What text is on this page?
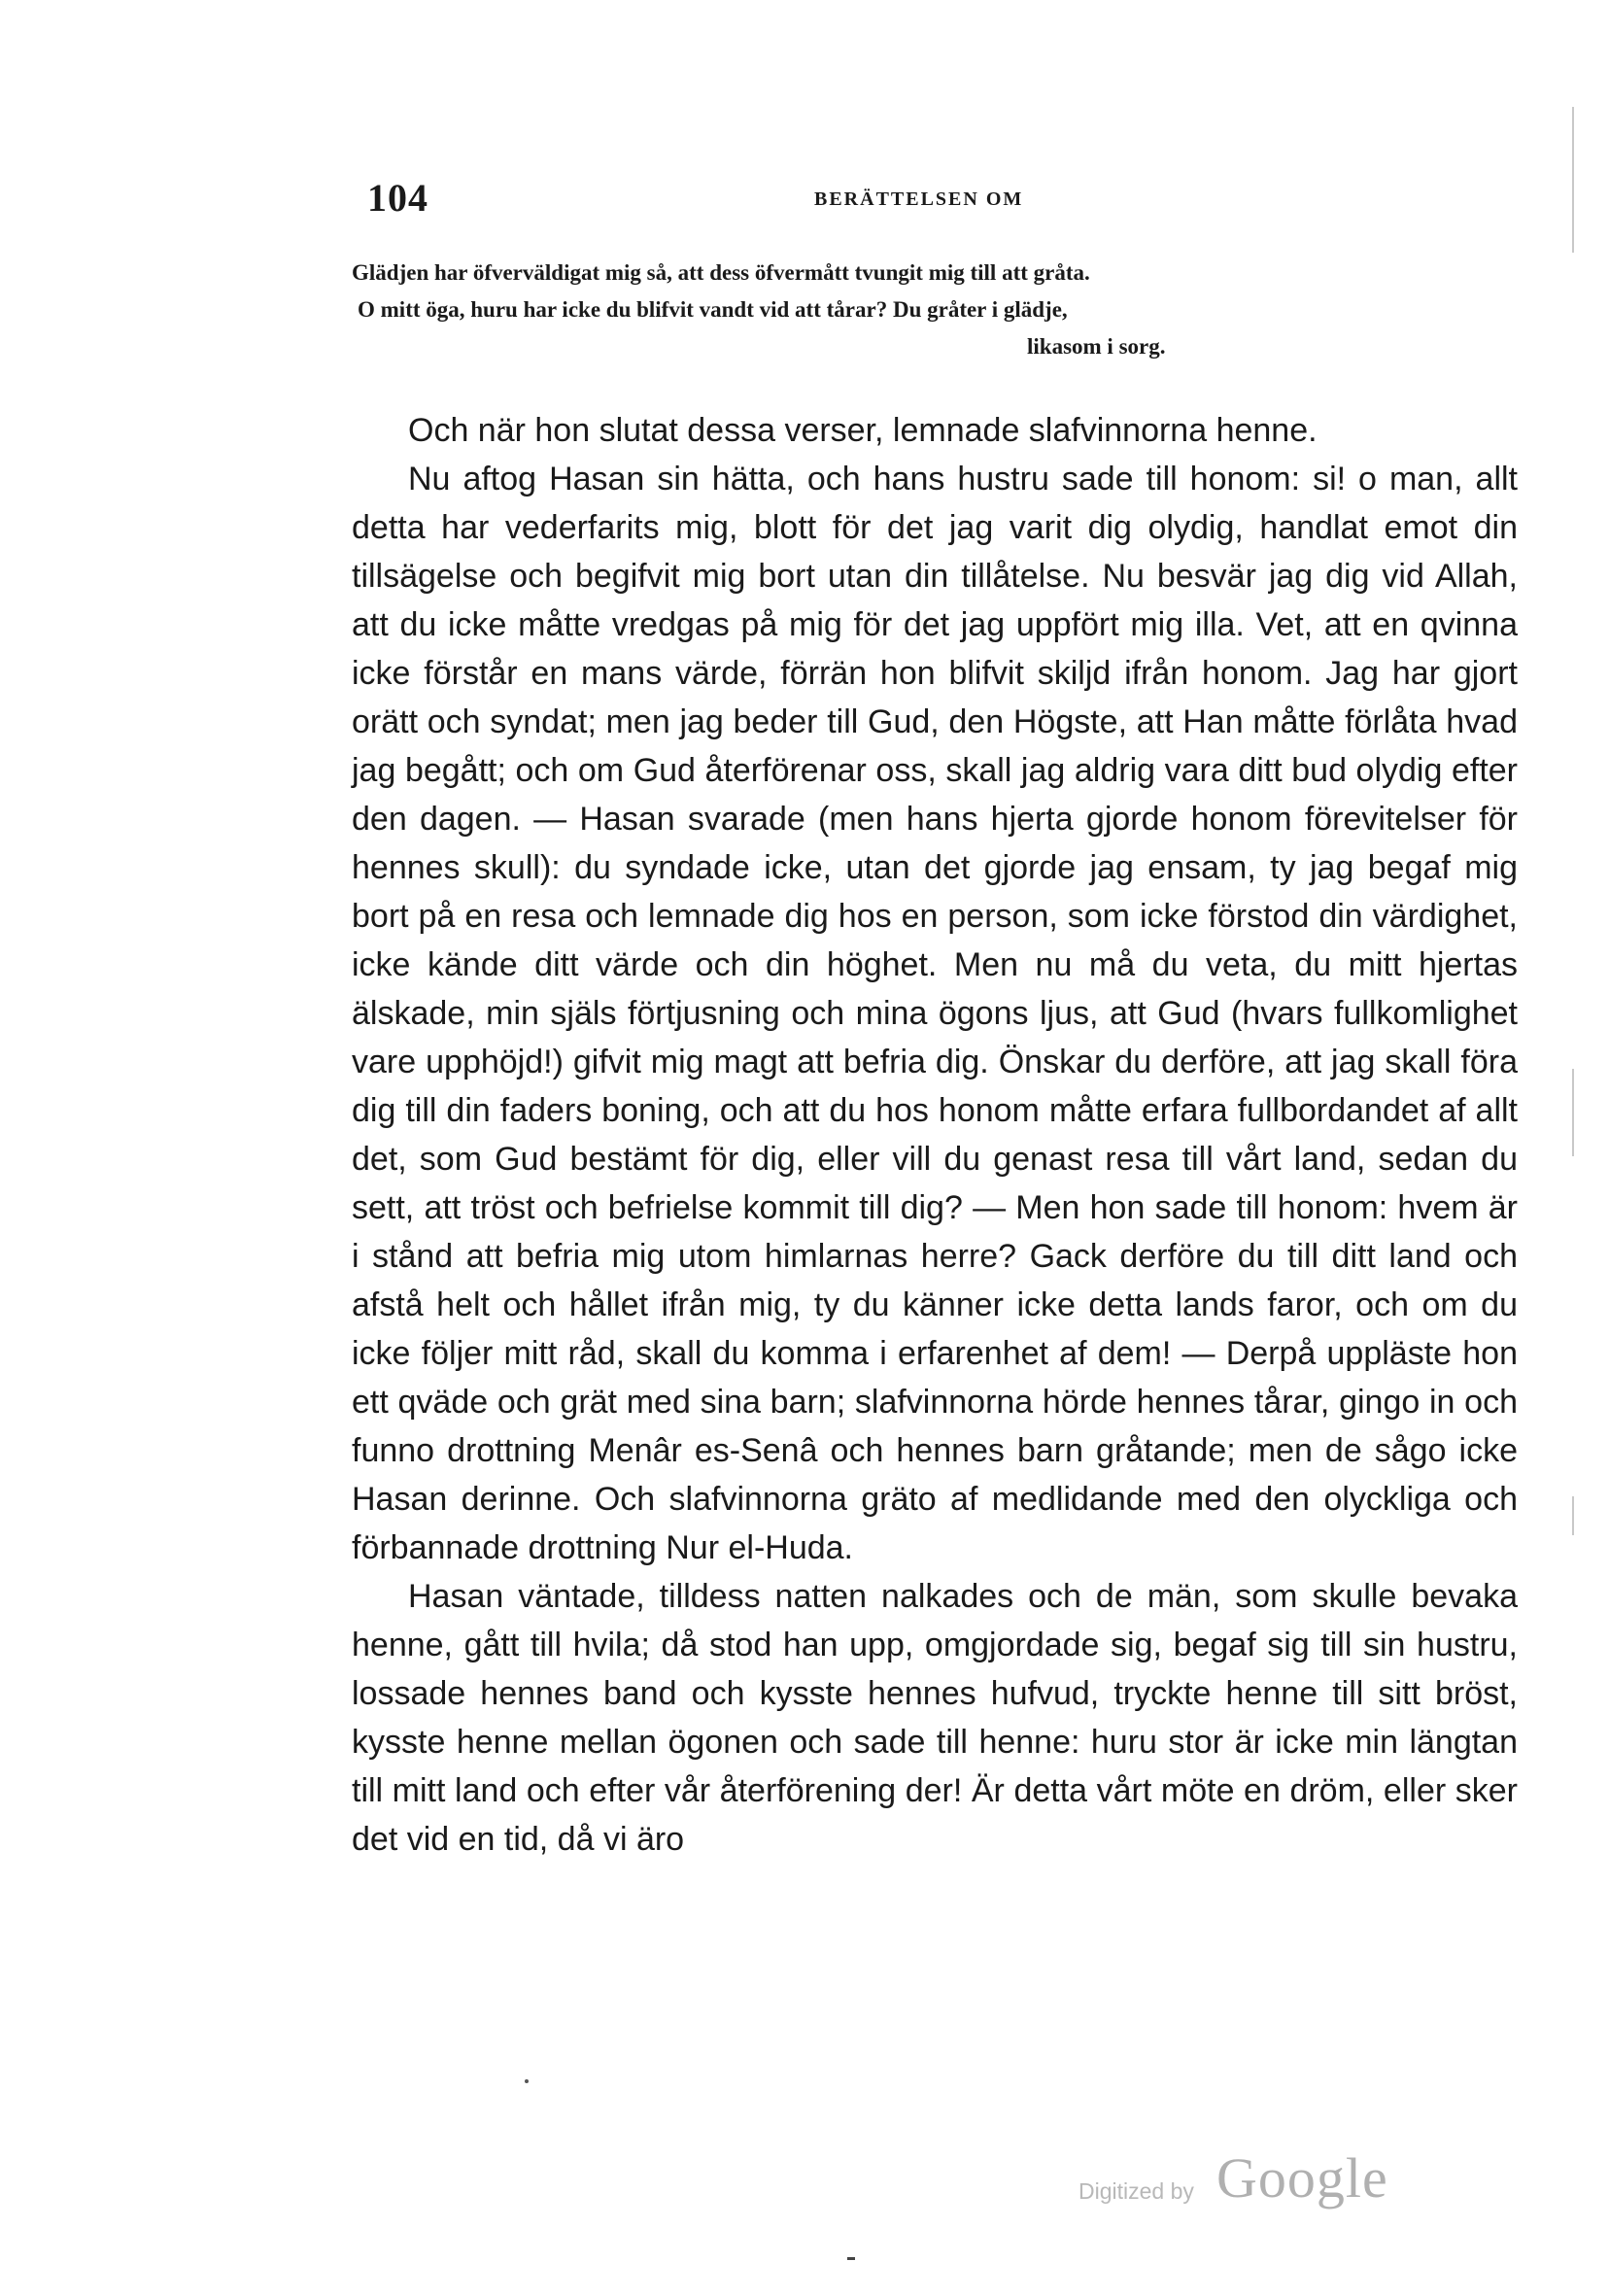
104	BERÄTTELSEN OM
Glädjen har öfverväldigat mig så, att dess öfvermått tvungit mig till att gråta.
O mitt öga, huru har icke du blifvit vandt vid att tårar? Du gråter i glädje,
likasom i sorg.

Och när hon slutat dessa verser, lemnade slafvinnorna henne.

Nu aftog Hasan sin hätta, och hans hustru sade till honom: si! o man, allt detta har vederfarits mig, blott för det jag varit dig olydig, handlat emot din tillsägelse och begifvit mig bort utan din tillåtelse. Nu besvär jag dig vid Allah, att du icke måtte vredgas på mig för det jag uppfört mig illa. Vet, att en qvinna icke förstår en mans värde, förrän hon blifvit skiljd ifrån honom. Jag har gjort orätt och syndat; men jag beder till Gud, den Högste, att Han måtte förlåta hvad jag begått; och om Gud återförenar oss, skall jag aldrig vara ditt bud olydig efter den dagen. — Hasan svarade (men hans hjerta gjorde honom förevitelser för hennes skull): du syndade icke, utan det gjorde jag ensam, ty jag begaf mig bort på en resa och lemnade dig hos en person, som icke förstod din värdighet, icke kände ditt värde och din höghet. Men nu må du veta, du mitt hjertas älskade, min själs förtjusning och mina ögons ljus, att Gud (hvars fullkomlighet vare upphöjd!) gifvit mig magt att befria dig. Önskar du derföre, att jag skall föra dig till din faders boning, och att du hos honom måtte erfara fullbordandet af allt det, som Gud bestämt för dig, eller vill du genast resa till vårt land, sedan du sett, att tröst och befrielse kommit till dig? — Men hon sade till honom: hvem är i stånd att befria mig utom himlarnas herre? Gack derföre du till ditt land och afstå helt och hållet ifrån mig, ty du känner icke detta lands faror, och om du icke följer mitt råd, skall du komma i erfarenhet af dem! — Derpå uppläste hon ett qväde och grät med sina barn; slafvinnorna hörde hennes tårar, gingo in och funno drottning Menâr es-Senâ och hennes barn gråtande; men de sågo icke Hasan derinne. Och slafvinnorna gräto af medlidande med den olyckliga och förbannade drottning Nur el-Huda.

Hasan väntade, tilldess natten nalkades och de män, som skulle bevaka henne, gått till hvila; då stod han upp, omgjordade sig, begaf sig till sin hustru, lossade hennes band och kysste hennes hufvud, tryckte henne till sitt bröst, kysste henne mellan ögonen och sade till henne: huru stor är icke min längtan till mitt land och efter vår återförening der! Är detta vårt möte en dröm, eller sker det vid en tid, då vi äro

Digitized by Google
